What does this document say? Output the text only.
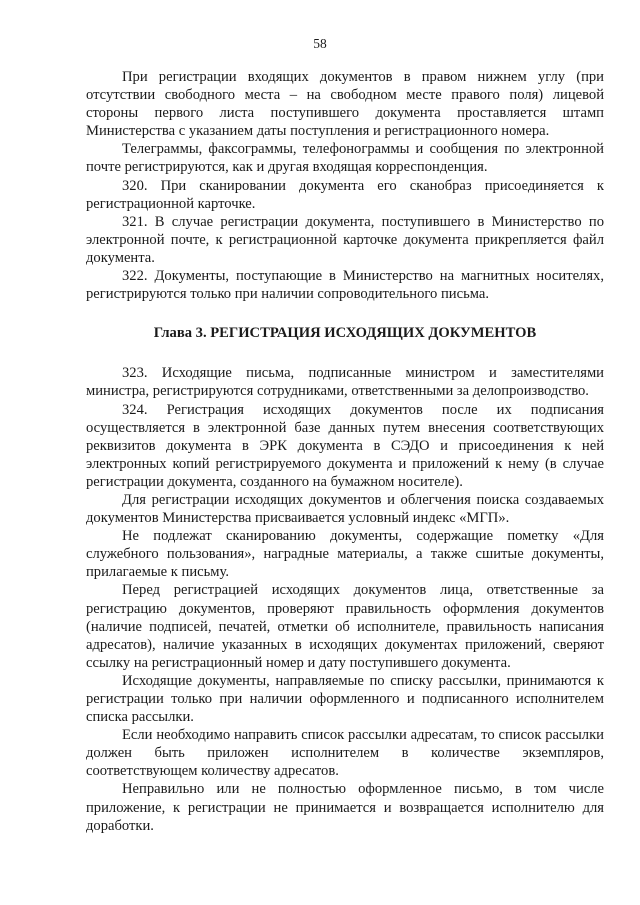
58

При регистрации входящих документов в правом нижнем углу (при отсутствии свободного места – на свободном месте правого поля) лицевой стороны первого листа поступившего документа проставляется штамп Министерства с указанием даты поступления и регистрационного номера.

Телеграммы, факсограммы, телефонограммы и сообщения по электронной почте регистрируются, как и другая входящая корреспонденция.

320. При сканировании документа его сканобраз присоединяется к регистрационной карточке.

321. В случае регистрации документа, поступившего в Министерство по электронной почте, к регистрационной карточке документа прикрепляется файл документа.

322. Документы, поступающие в Министерство на магнитных носителях, регистрируются только при наличии сопроводительного письма.

Глава 3. РЕГИСТРАЦИЯ ИСХОДЯЩИХ ДОКУМЕНТОВ

323. Исходящие письма, подписанные министром и заместителями министра, регистрируются сотрудниками, ответственными за делопроизводство.

324. Регистрация исходящих документов после их подписания осуществляется в электронной базе данных путем внесения соответствующих реквизитов документа в ЭРК документа в СЭДО и присоединения к ней электронных копий регистрируемого документа и приложений к нему (в случае регистрации документа, созданного на бумажном носителе).

Для регистрации исходящих документов и облегчения поиска создаваемых документов Министерства присваивается условный индекс «МГП».

Не подлежат сканированию документы, содержащие пометку «Для служебного пользования», наградные материалы, а также сшитые документы, прилагаемые к письму.

Перед регистрацией исходящих документов лица, ответственные за регистрацию документов, проверяют правильность оформления документов (наличие подписей, печатей, отметки об исполнителе, правильность написания адресатов), наличие указанных в исходящих документах приложений, сверяют ссылку на регистрационный номер и дату поступившего документа.

Исходящие документы, направляемые по списку рассылки, принимаются к регистрации только при наличии оформленного и подписанного исполнителем списка рассылки.

Если необходимо направить список рассылки адресатам, то список рассылки должен быть приложен исполнителем в количестве экземпляров, соответствующем количеству адресатов.

Неправильно или не полностью оформленное письмо, в том числе приложение, к регистрации не принимается и возвращается исполнителю для доработки.
